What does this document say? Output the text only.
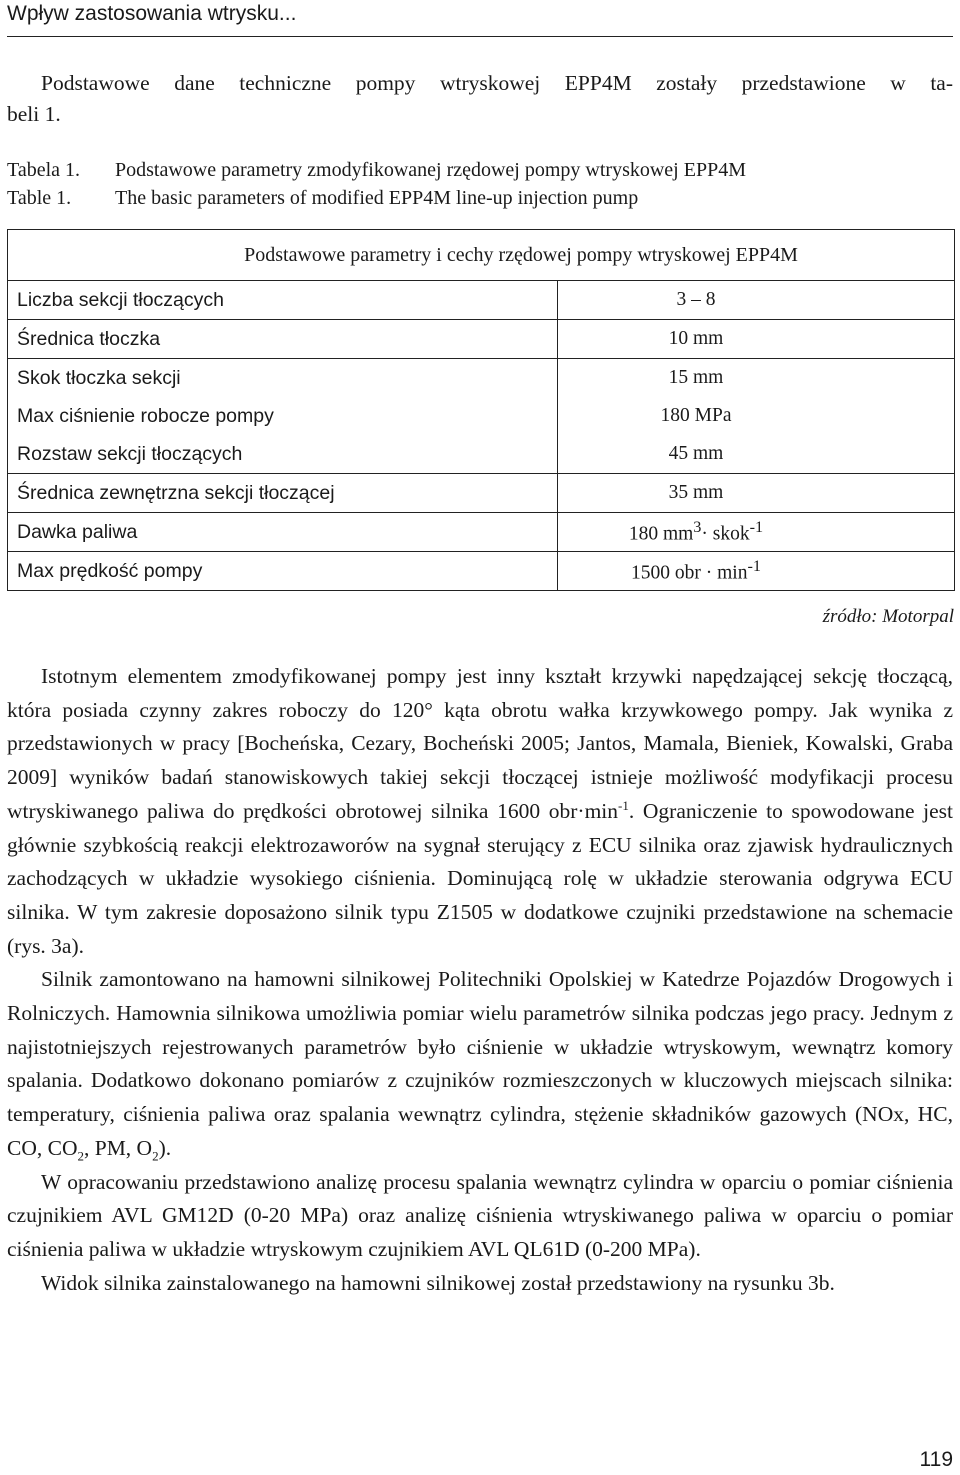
Wpływ zastosowania wtrysku...
Podstawowe dane techniczne pompy wtryskowej EPP4M zostały przedstawione w ta-
beli 1.
Tabela 1. Podstawowe parametry zmodyfikowanej rzędowej pompy wtryskowej EPP4M
Table 1. The basic parameters of modified EPP4M line-up injection pump
Podstawowe parametry i cechy rzędowej pompy wtryskowej EPP4M	
Liczba sekcji tłoczących	3 – 8
Średnica tłoczka	10 mm
Skok tłoczka sekcji	15 mm
Max ciśnienie robocze pompy	180 MPa
Rozstaw sekcji tłoczących	45 mm
Średnica zewnętrzna sekcji tłoczącej	35 mm
Dawka paliwa	180 $mm^3\cdot$ skok$^{-1}$
Max prędkość pompy	1500 obr · $\min^{-1}$
źródło: Motorpal

Istotnym elementem zmodyfikowanej pompy jest inny kształt krzywki napędzającej sekcję tłoczącą, która posiada czynny zakres roboczy do 120° kąta obrotu wałka krzywkowego pompy. Jak wynika z przedstawionych w pracy [Bocheńska, Cezary, Bocheński 2005; Jantos, Mamala, Bieniek, Kowalski, Graba 2009] wyników badań stanowiskowych takiej sekcji tłoczącej istnieje możliwość modyfikacji procesu wtryskiwanego paliwa do prędkości obrotowej silnika 1600 $obr\cdot\min^{-1}$. Ograniczenie to spowodowane jest głównie szybkością reakcji elektrozaworów na sygnał sterujący z ECU silnika oraz zjawisk hydraulicznych zachodzących w układzie wysokiego ciśnienia. Dominującą rolę w układzie sterowania odgrywa ECU silnika. W tym zakresie doposażono silnik typu Z1505 w dodatkowe czujniki przedstawione na schemacie (rys. 3a).

Silnik zamontowano na hamowni silnikowej Politechniki Opolskiej w Katedrze Pojazdów Drogowych i Rolniczych. Hamownia silnikowa umożliwia pomiar wielu parametrów silnika podczas jego pracy. Jednym z najistotniejszych rejestrowanych parametrów było ciśnienie w układzie wtryskowym, wewnątrz komory spalania. Dodatkowo dokonano pomiarów z czujników rozmieszczonych w kluczowych miejscach silnika: temperatury, ciśnienia paliwa oraz spalania wewnątrz cylindra, stężenie składników gazowych (NOx, HC, CO, $CO_2$, PM, $O_2$).

W opracowaniu przedstawiono analizę procesu spalania wewnątrz cylindra w oparciu o pomiar ciśnienia czujnikiem AVL GM12D (0-20 MPa) oraz analizę ciśnienia wtryskiwanego paliwa w oparciu o pomiar ciśnienia paliwa w układzie wtryskowym czujnikiem AVL QL61D (0-200 MPa).

Widok silnika zainstalowanego na hamowni silnikowej został przedstawiony na rysunku 3b.

119
